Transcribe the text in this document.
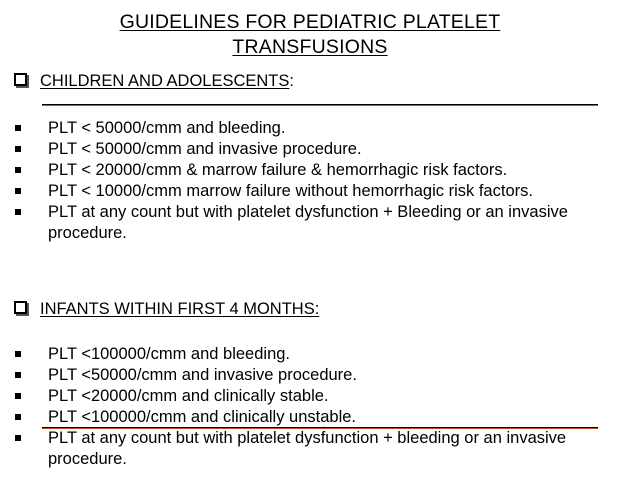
GUIDELINES FOR PEDIATRIC PLATELET
TRANSFUSIONS
CHILDREN AND ADOLESCENTS:
PLT < 50000/cmm and bleeding.
PLT < 50000/cmm and invasive procedure.
PLT < 20000/cmm & marrow failure & hemorrhagic risk factors.
PLT < 10000/cmm marrow failure without hemorrhagic risk factors.
PLT at any count but with platelet dysfunction + Bleeding or an invasive procedure.
INFANTS WITHIN FIRST 4 MONTHS:
PLT <100000/cmm and bleeding.
PLT <50000/cmm and invasive procedure.
PLT <20000/cmm and clinically stable.
PLT <100000/cmm and clinically unstable.
PLT at any count but with platelet dysfunction + bleeding or an invasive procedure.
